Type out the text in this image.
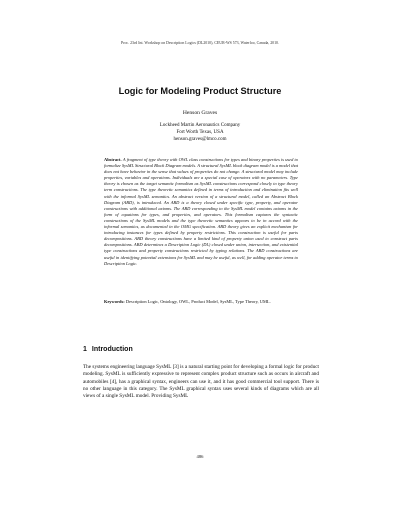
Proc. 23rd Int. Workshop on Description Logics (DL2010), CEUR-WS 573, Waterloo, Canada, 2010.
Logic for Modeling Product Structure
Henson Graves
Lockheed Martin Aeronautics Company
Fort Worth Texas, USA
henson.graves@lmco.com
Abstract. A fragment of type theory with OWL class constructions for types and binary properties is used to formalize SysML Structural Block Diagram models. A structural SysML block diagram model is a model that does not have behavior in the sense that values of properties do not change. A structural model may include properties, variables and operations. Individuals are a special case of operators with no parameters. Type theory is chosen as the target semantic formalism as SysML constructions correspond closely to type theory term constructions. The type theoretic semantics defined in terms of introduction and elimination fits well with the informal SysML semantics. An abstract version of a structural model, called an Abstract Block Diagram (ABD), is introduced. An ABD is a theory closed under specific type, property, and operator constructions with additional axioms. The ABD corresponding to the SysML model contains axioms in the form of equations for types, and properties, and operators. This formalism captures the syntactic constructions of the SysML models and the type theoretic semantics appears to be in accord with the informal semantics, as documented in the OMG specification. ABD theory gives an explicit mechanism for introducing instances for types defined by property restrictions. This construction is useful for parts decompositions. ABD theory constructions have a limited kind of property union used to construct parts decompositions. ABD determines a Description Logic (DL) closed under union, intersection, and existential type constructions and property constructions restricted by typing relations. The ABD constructions are useful in identifying potential extensions for SysML and may be useful, as well, for adding operator terms to Description Logic.
Keywords: Description Logic, Ontology, OWL, Product Model, SysML, Type Theory, UML.
1 Introduction
The systems engineering language SysML [3] is a natural starting point for developing a formal logic for product modeling. SysML is sufficiently expressive to represent complex product structure such as occurs in aircraft and automobiles [4], has a graphical syntax, engineers can use it, and it has good commercial tool support. There is no other language in this category. The SysML graphical syntax uses several kinds of diagrams which are all views of a single SysML model. Providing SysML
486
